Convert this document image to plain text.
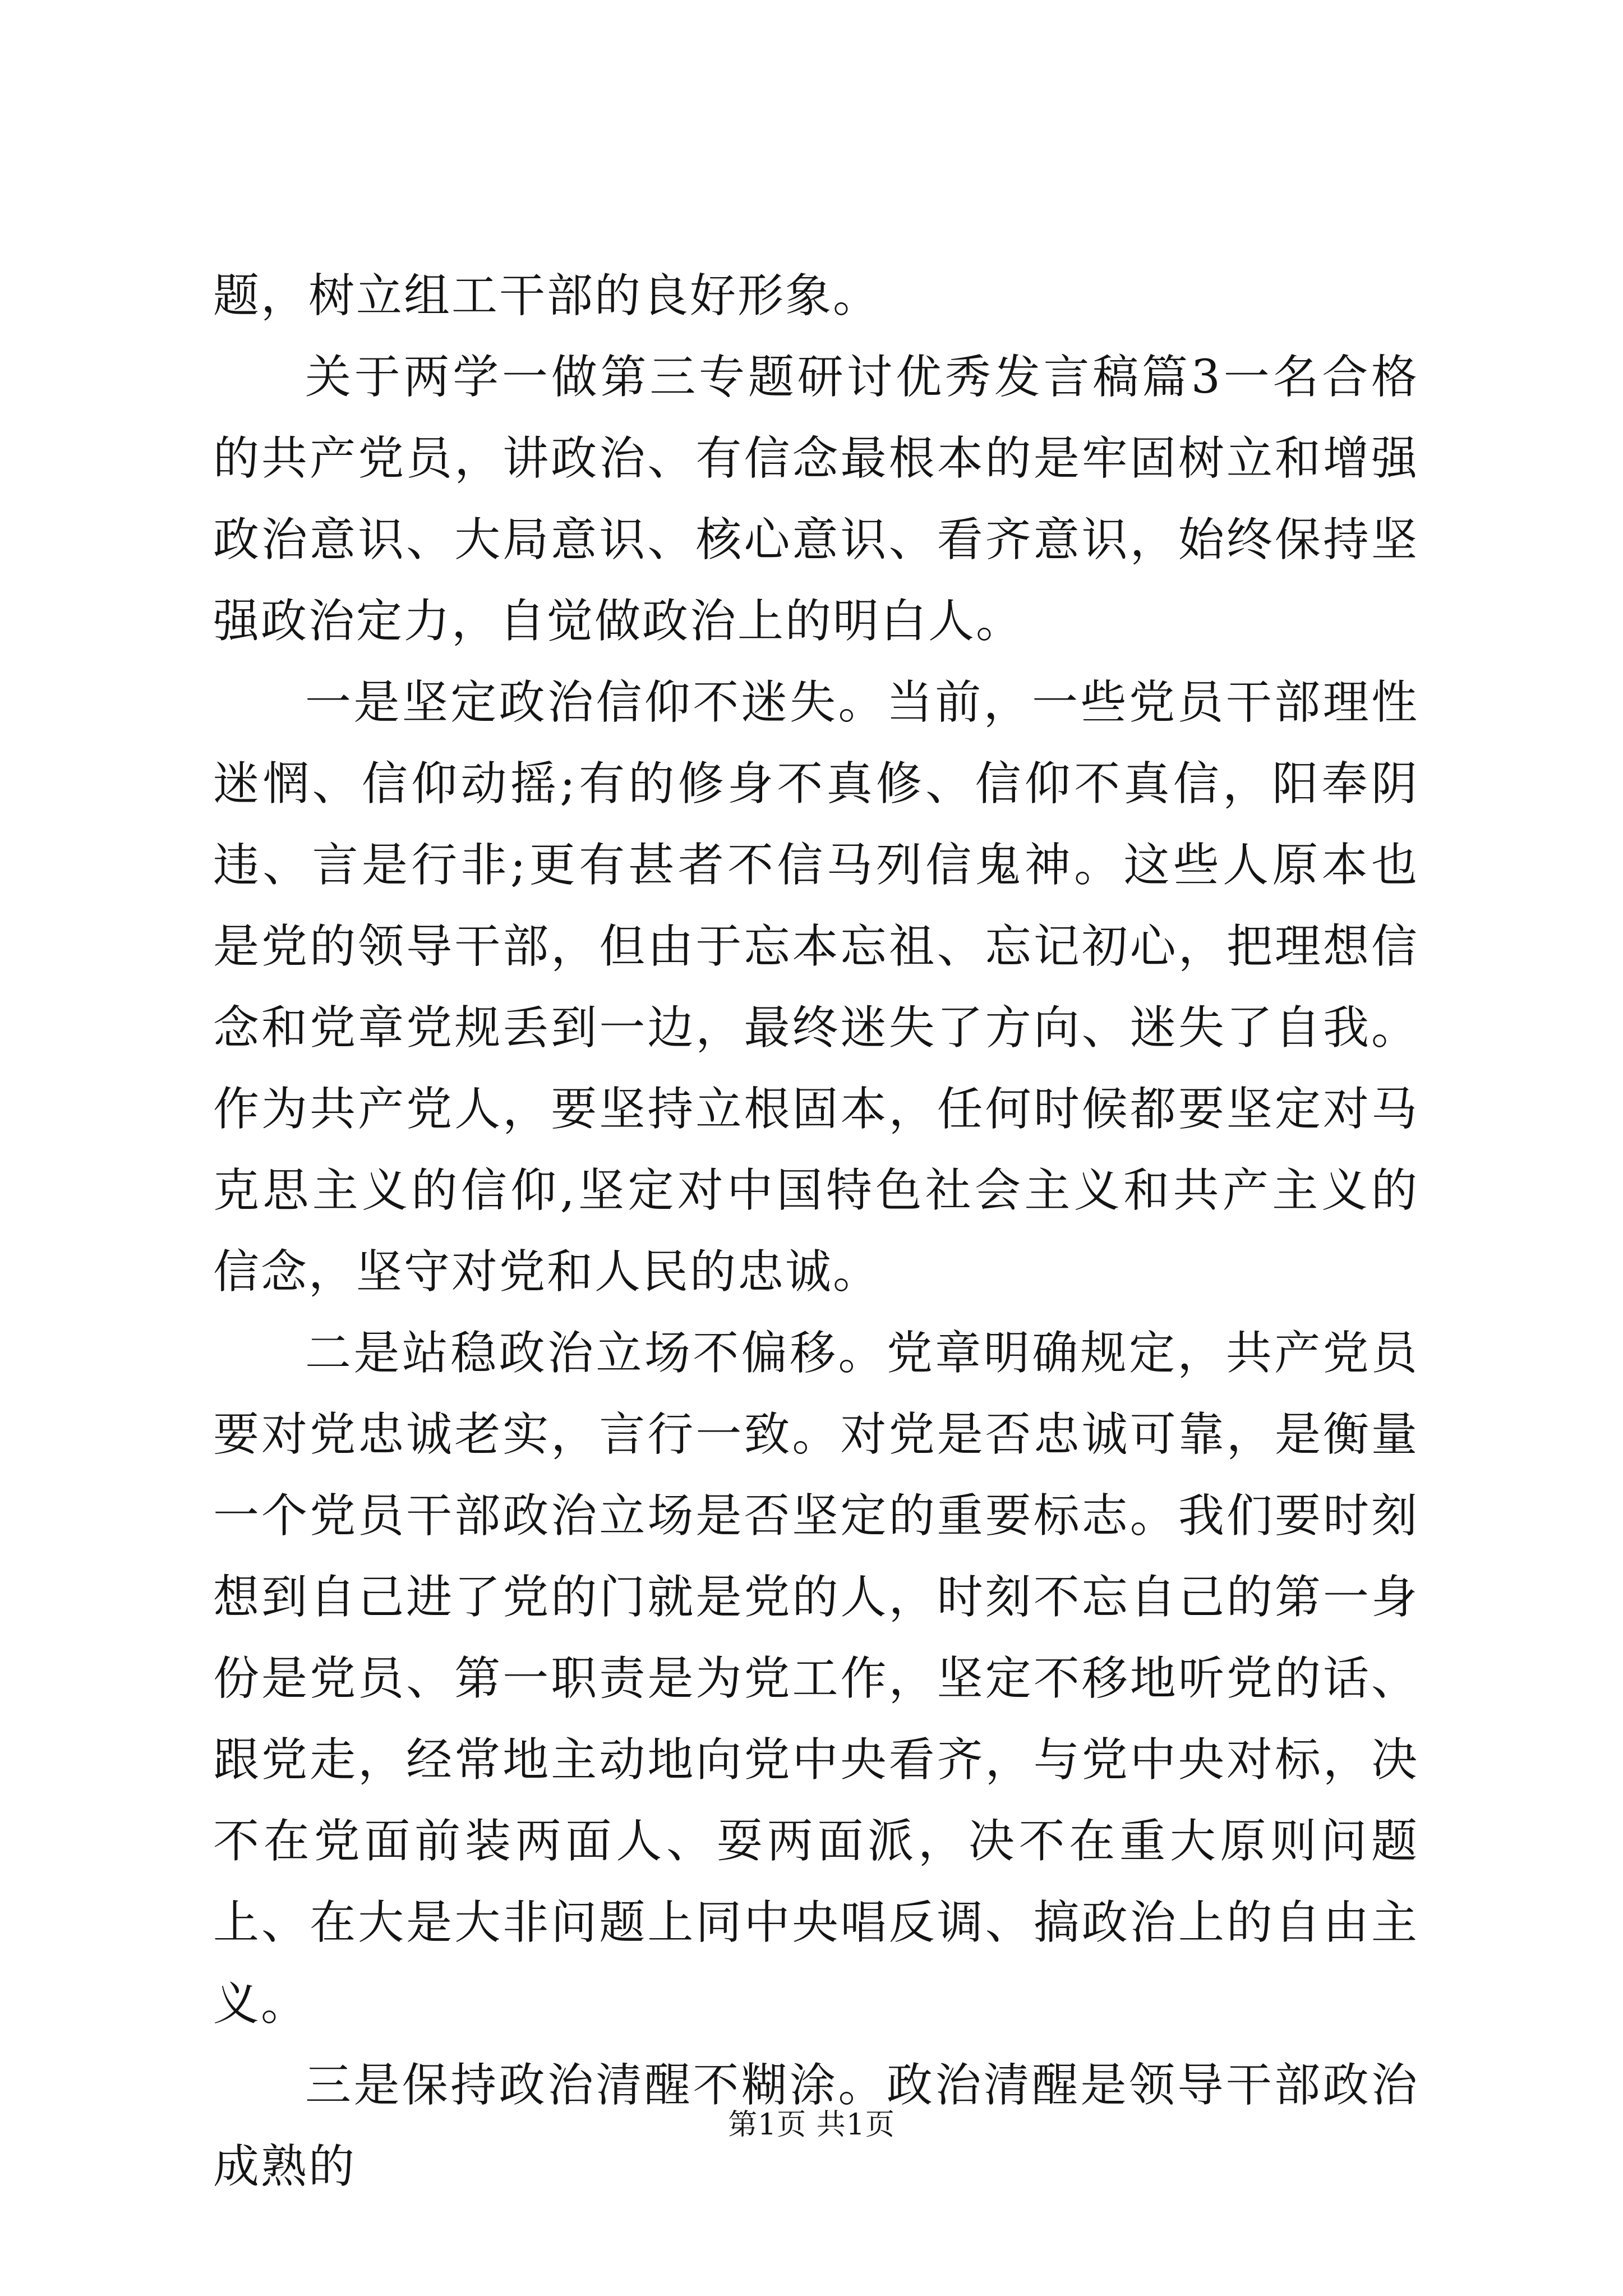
题，树立组工干部的良好形象。

关于两学一做第三专题研讨优秀发言稿篇3一名合格的共产党员，讲政治、有信念最根本的是牢固树立和增强政治意识、大局意识、核心意识、看齐意识，始终保持坚强政治定力，自觉做政治上的明白人。

一是坚定政治信仰不迷失。当前，一些党员干部理性迷惘、信仰动摇;有的修身不真修、信仰不真信，阳奉阴违、言是行非;更有甚者不信马列信鬼神。这些人原本也是党的领导干部，但由于忘本忘祖、忘记初心，把理想信念和党章党规丢到一边，最终迷失了方向、迷失了自我。作为共产党人，要坚持立根固本，任何时候都要坚定对马克思主义的信仰,坚定对中国特色社会主义和共产主义的信念，坚守对党和人民的忠诚。

二是站稳政治立场不偏移。党章明确规定，共产党员要对党忠诚老实，言行一致。对党是否忠诚可靠，是衡量一个党员干部政治立场是否坚定的重要标志。我们要时刻想到自己进了党的门就是党的人，时刻不忘自己的第一身份是党员、第一职责是为党工作，坚定不移地听党的话、跟党走，经常地主动地向党中央看齐，与党中央对标，决不在党面前装两面人、耍两面派，决不在重大原则问题上、在大是大非问题上同中央唱反调、搞政治上的自由主义。

三是保持政治清醒不糊涂。政治清醒是领导干部政治成熟的

第1页 共1页
